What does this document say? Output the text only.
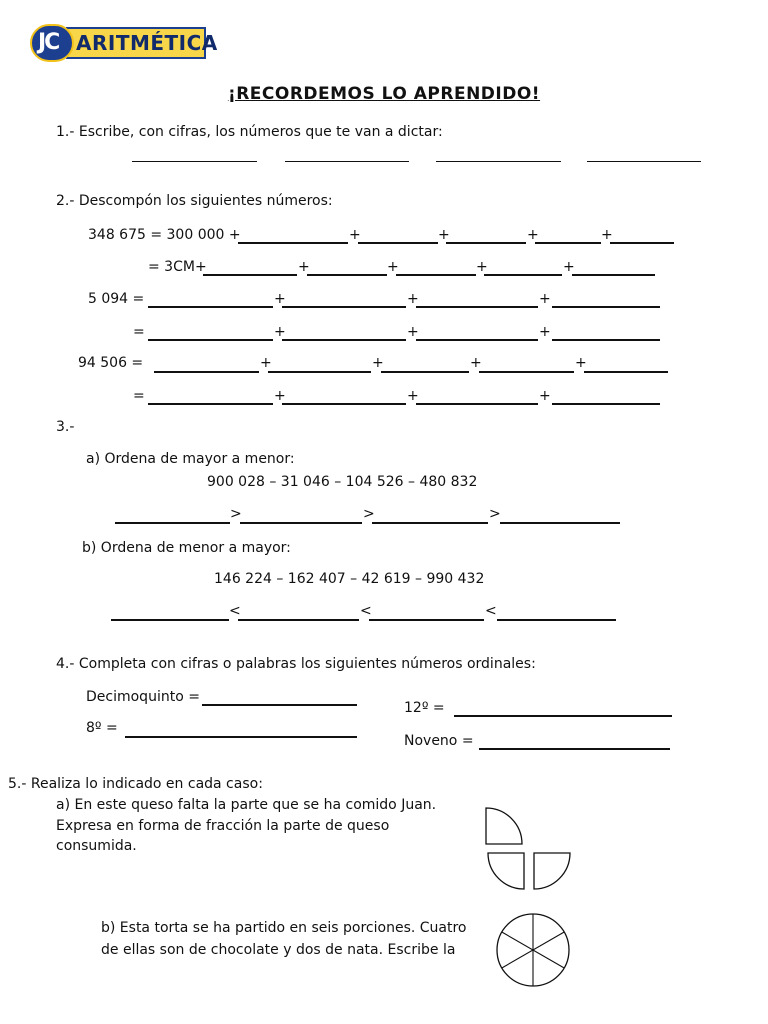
ARITMÉTICA
JC
¡RECORDEMOS LO APRENDIDO!
1.- Escribe, con cifras, los números que te van a dictar:
2.- Descompón los siguientes números:
348 675 = 300 000 +	+	+	+	+
= 3CM+	+	+	+	+
5 094 =	+	+	+
=	+	+	+
94 506 =	+	+	+	+
=	+	+	+
3.-
a) Ordena de mayor a menor:
900 028 – 31 046 – 104 526 – 480 832
>	>	>
b) Ordena de menor a mayor:
146 224 – 162 407 – 42 619 – 990 432
<	<	<
4.- Completa con cifras o palabras los siguientes números ordinales:
Decimoquinto =
8º =
12º =
Noveno =
5.- Realiza lo indicado en cada caso:
a) En este queso falta la parte que se ha comido Juan.
Expresa en forma de fracción la parte de queso
consumida.
b) Esta torta se ha partido en seis porciones. Cuatro
de ellas son de chocolate y dos de nata. Escribe la
